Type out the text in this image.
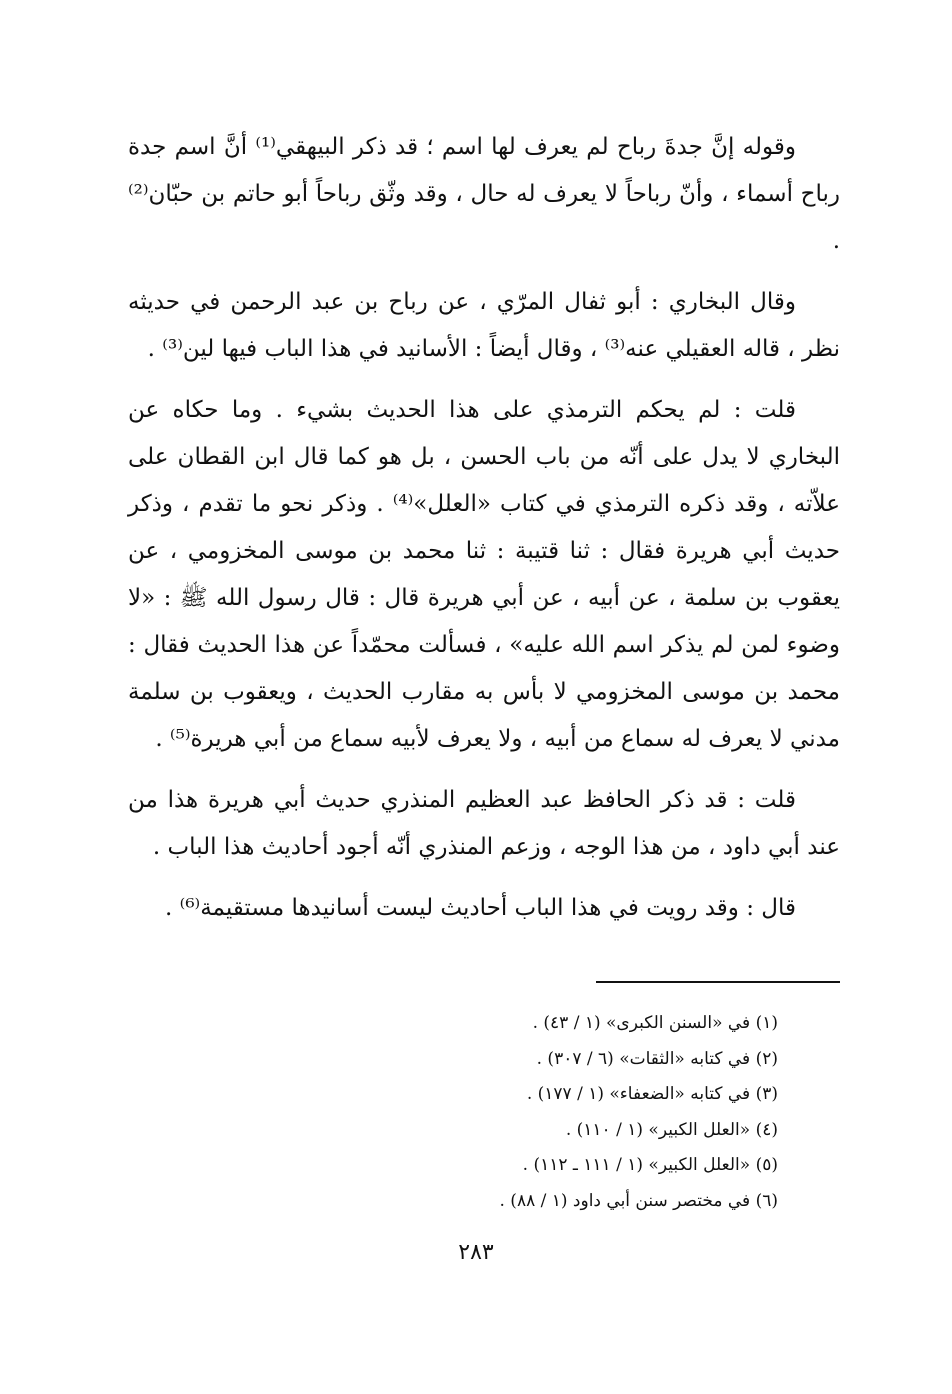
وقوله إنَّ جدةَ رباح لم يعرف لها اسم ؛ قد ذكر البيهقي⁽¹⁾ أنَّ اسم جدة رباح أسماء ، وأنّ رباحاً لا يعرف له حال ، وقد وثّق رباحاً أبو حاتم بن حبّان⁽²⁾ .

وقال البخاري : أبو ثفال المرّي ، عن رباح بن عبد الرحمن في حديثه نظر ، قاله العقيلي عنه⁽³⁾ ، وقال أيضاً : الأسانيد في هذا الباب فيها لين⁽³⁾ .

قلت : لم يحكم الترمذي على هذا الحديث بشيء . وما حكاه عن البخاري لا يدل على أنّه من باب الحسن ، بل هو كما قال ابن القطان على علاّته ، وقد ذكره الترمذي في كتاب «العلل»⁽⁴⁾ . وذكر نحو ما تقدم ، وذكر حديث أبي هريرة فقال : ثنا قتيبة : ثنا محمد بن موسى المخزومي ، عن يعقوب بن سلمة ، عن أبيه ، عن أبي هريرة قال : قال رسول الله ﷺ : «لا وضوء لمن لم يذكر اسم الله عليه» ، فسألت محمّداً عن هذا الحديث فقال : محمد بن موسى المخزومي لا بأس به مقارب الحديث ، ويعقوب بن سلمة مدني لا يعرف له سماع من أبيه ، ولا يعرف لأبيه سماع من أبي هريرة⁽⁵⁾ .

قلت : قد ذكر الحافظ عبد العظيم المنذري حديث أبي هريرة هذا من عند أبي داود ، من هذا الوجه ، وزعم المنذري أنّه أجود أحاديث هذا الباب .

قال : وقد رويت في هذا الباب أحاديث ليست أسانيدها مستقيمة⁽⁶⁾ .

(١) في «السنن الكبرى» (١ / ٤٣) .

(٢) في كتابه «الثقات» (٦ / ٣٠٧) .

(٣) في كتابه «الضعفاء» (١ / ١٧٧) .

(٤) «العلل الكبير» (١ / ١١٠) .

(٥) «العلل الكبير» (١ / ١١١ ـ ١١٢) .

(٦) في مختصر سنن أبي داود (١ / ٨٨) .

٢٨٣
